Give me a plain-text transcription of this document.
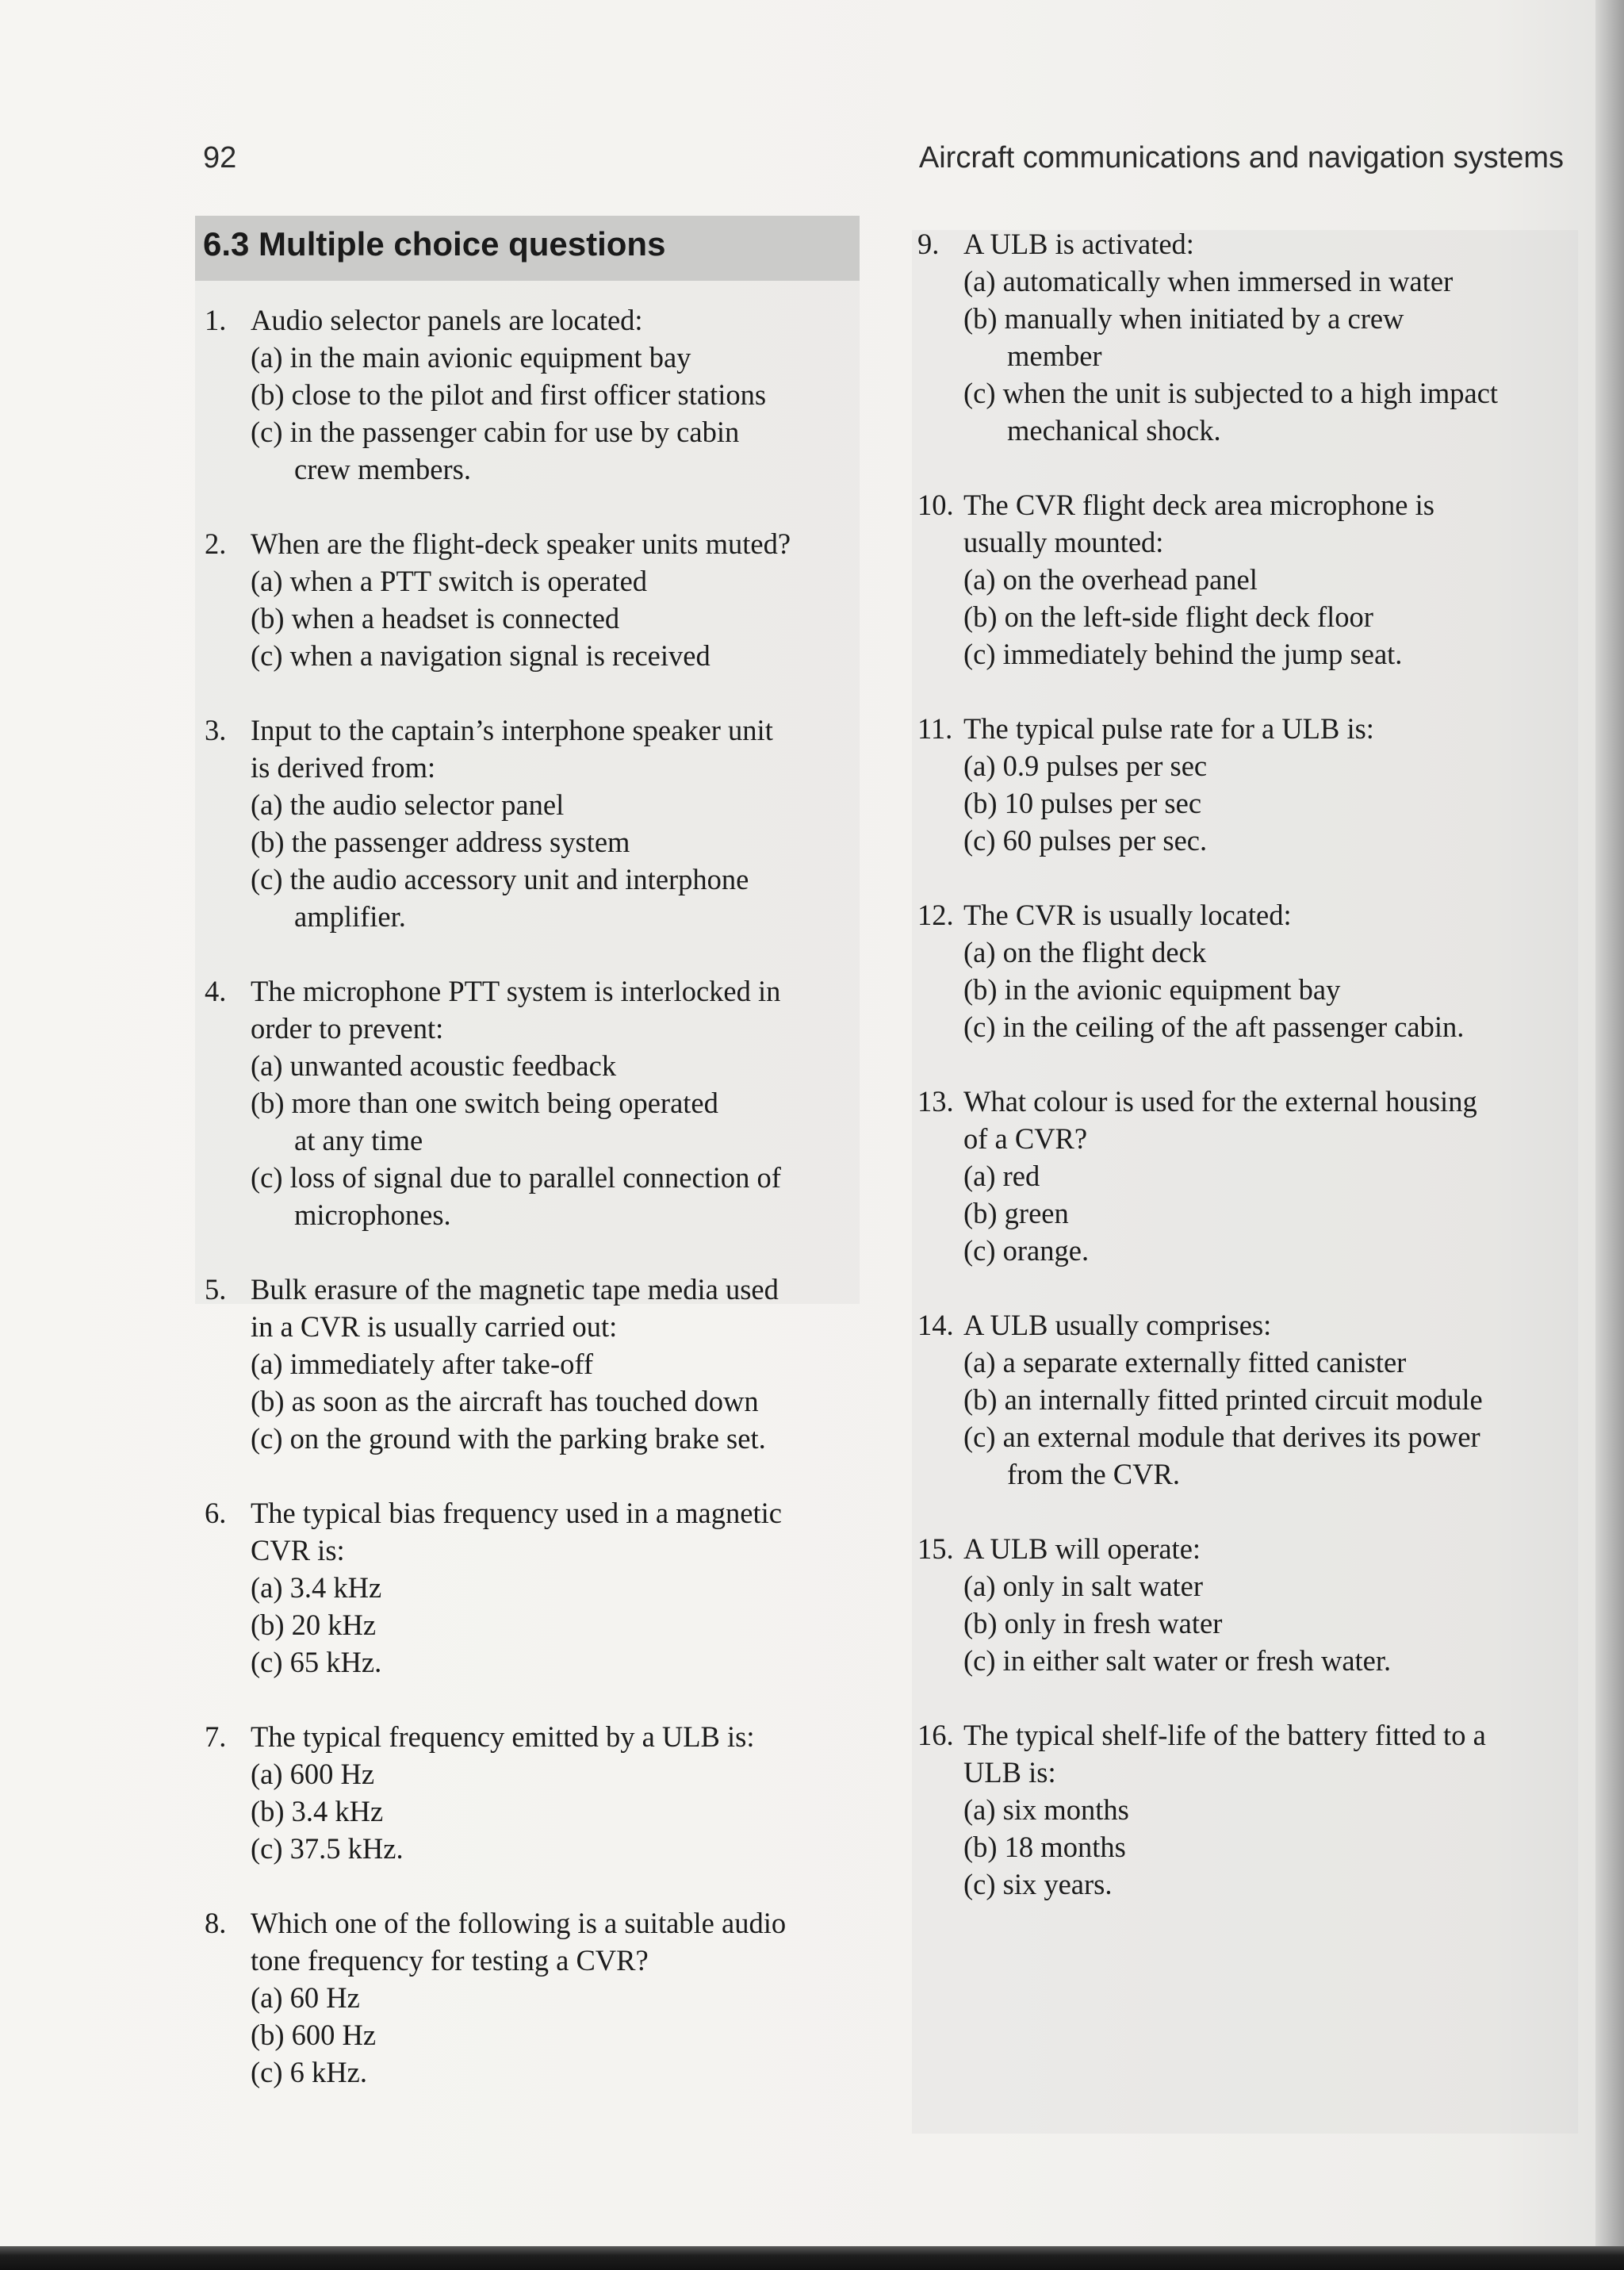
92	Aircraft communications and navigation systems
6.3 Multiple choice questions
1. Audio selector panels are located:
(a) in the main avionic equipment bay
(b) close to the pilot and first officer stations
(c) in the passenger cabin for use by cabin
crew members.
2. When are the flight-deck speaker units muted?
(a) when a PTT switch is operated
(b) when a headset is connected
(c) when a navigation signal is received
3. Input to the captain’s interphone speaker unit
is derived from:
(a) the audio selector panel
(b) the passenger address system
(c) the audio accessory unit and interphone
amplifier.
4. The microphone PTT system is interlocked in
order to prevent:
(a) unwanted acoustic feedback
(b) more than one switch being operated
at any time
(c) loss of signal due to parallel connection of
microphones.
5. Bulk erasure of the magnetic tape media used
in a CVR is usually carried out:
(a) immediately after take-off
(b) as soon as the aircraft has touched down
(c) on the ground with the parking brake set.
6. The typical bias frequency used in a magnetic
CVR is:
(a) 3.4 kHz
(b) 20 kHz
(c) 65 kHz.
7. The typical frequency emitted by a ULB is:
(a) 600 Hz
(b) 3.4 kHz
(c) 37.5 kHz.
8. Which one of the following is a suitable audio
tone frequency for testing a CVR?
(a) 60 Hz
(b) 600 Hz
(c) 6 kHz.
9. A ULB is activated:
(a) automatically when immersed in water
(b) manually when initiated by a crew
member
(c) when the unit is subjected to a high impact
mechanical shock.
10. The CVR flight deck area microphone is
usually mounted:
(a) on the overhead panel
(b) on the left-side flight deck floor
(c) immediately behind the jump seat.
11. The typical pulse rate for a ULB is:
(a) 0.9 pulses per sec
(b) 10 pulses per sec
(c) 60 pulses per sec.
12. The CVR is usually located:
(a) on the flight deck
(b) in the avionic equipment bay
(c) in the ceiling of the aft passenger cabin.
13. What colour is used for the external housing
of a CVR?
(a) red
(b) green
(c) orange.
14. A ULB usually comprises:
(a) a separate externally fitted canister
(b) an internally fitted printed circuit module
(c) an external module that derives its power
from the CVR.
15. A ULB will operate:
(a) only in salt water
(b) only in fresh water
(c) in either salt water or fresh water.
16. The typical shelf-life of the battery fitted to a
ULB is:
(a) six months
(b) 18 months
(c) six years.
